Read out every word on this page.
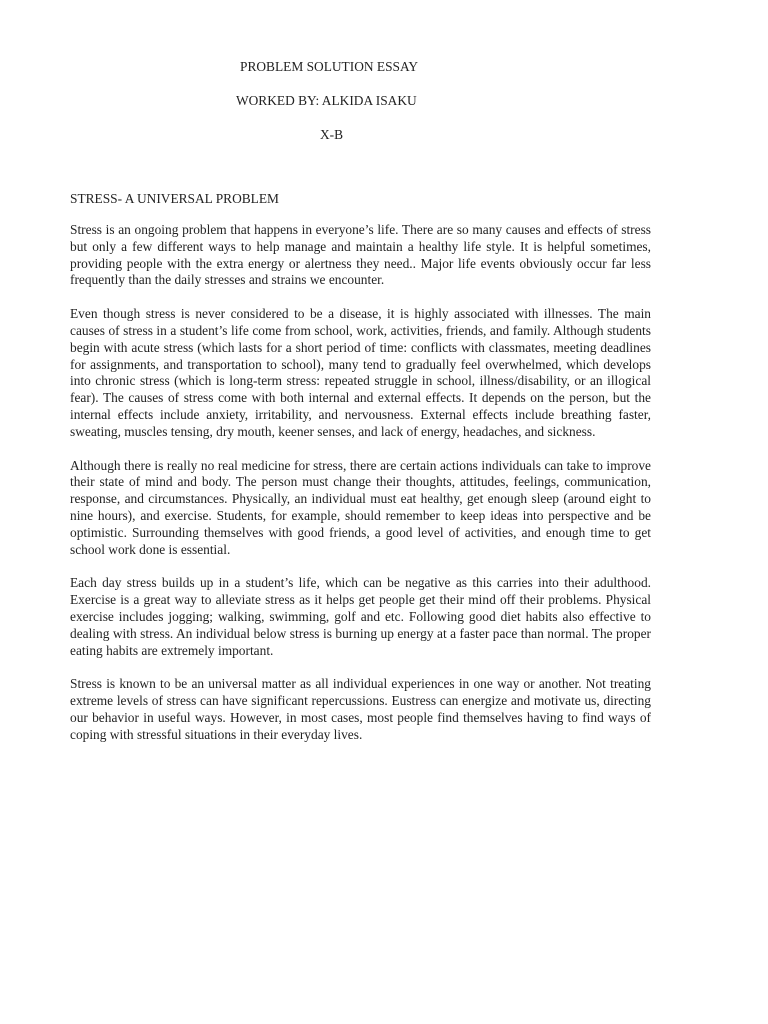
PROBLEM SOLUTION ESSAY
WORKED BY: ALKIDA ISAKU
X-B
STRESS- A UNIVERSAL PROBLEM

Stress is an ongoing problem that happens in everyone’s life. There are so many causes and effects of stress but only a few different ways to help manage and maintain a healthy life style. It is helpful sometimes, providing people with the extra energy or alertness they need.. Major life events obviously occur far less frequently than the daily stresses and strains we encounter.

Even though stress is never considered to be a disease, it is highly associated with illnesses. The main causes of stress in a student’s life come from school, work, activities, friends, and family. Although students begin with acute stress (which lasts for a short period of time: conflicts with classmates, meeting deadlines for assignments, and transportation to school), many tend to gradually feel overwhelmed, which develops into chronic stress (which is long-term stress: repeated struggle in school, illness/disability, or an illogical fear). The causes of stress come with both internal and external effects. It depends on the person, but the internal effects include anxiety, irritability, and nervousness. External effects include breathing faster, sweating, muscles tensing, dry mouth, keener senses, and lack of energy, headaches, and sickness.

Although there is really no real medicine for stress, there are certain actions individuals can take to improve their state of mind and body. The person must change their thoughts, attitudes, feelings, communication, response, and circumstances. Physically, an individual must eat healthy, get enough sleep (around eight to nine hours), and exercise. Students, for example, should remember to keep ideas into perspective and be optimistic. Surrounding themselves with good friends, a good level of activities, and enough time to get school work done is essential.

Each day stress builds up in a student’s life, which can be negative as this carries into their adulthood. Exercise is a great way to alleviate stress as it helps get people get their mind off their problems. Physical exercise includes jogging; walking, swimming, golf and etc. Following good diet habits also effective to dealing with stress. An individual below stress is burning up energy at a faster pace than normal. The proper eating habits are extremely important.

Stress is known to be an universal matter as all individual experiences in one way or another. Not treating extreme levels of stress can have significant repercussions. Eustress can energize and motivate us, directing our behavior in useful ways. However, in most cases, most people find themselves having to find ways of coping with stressful situations in their everyday lives.
